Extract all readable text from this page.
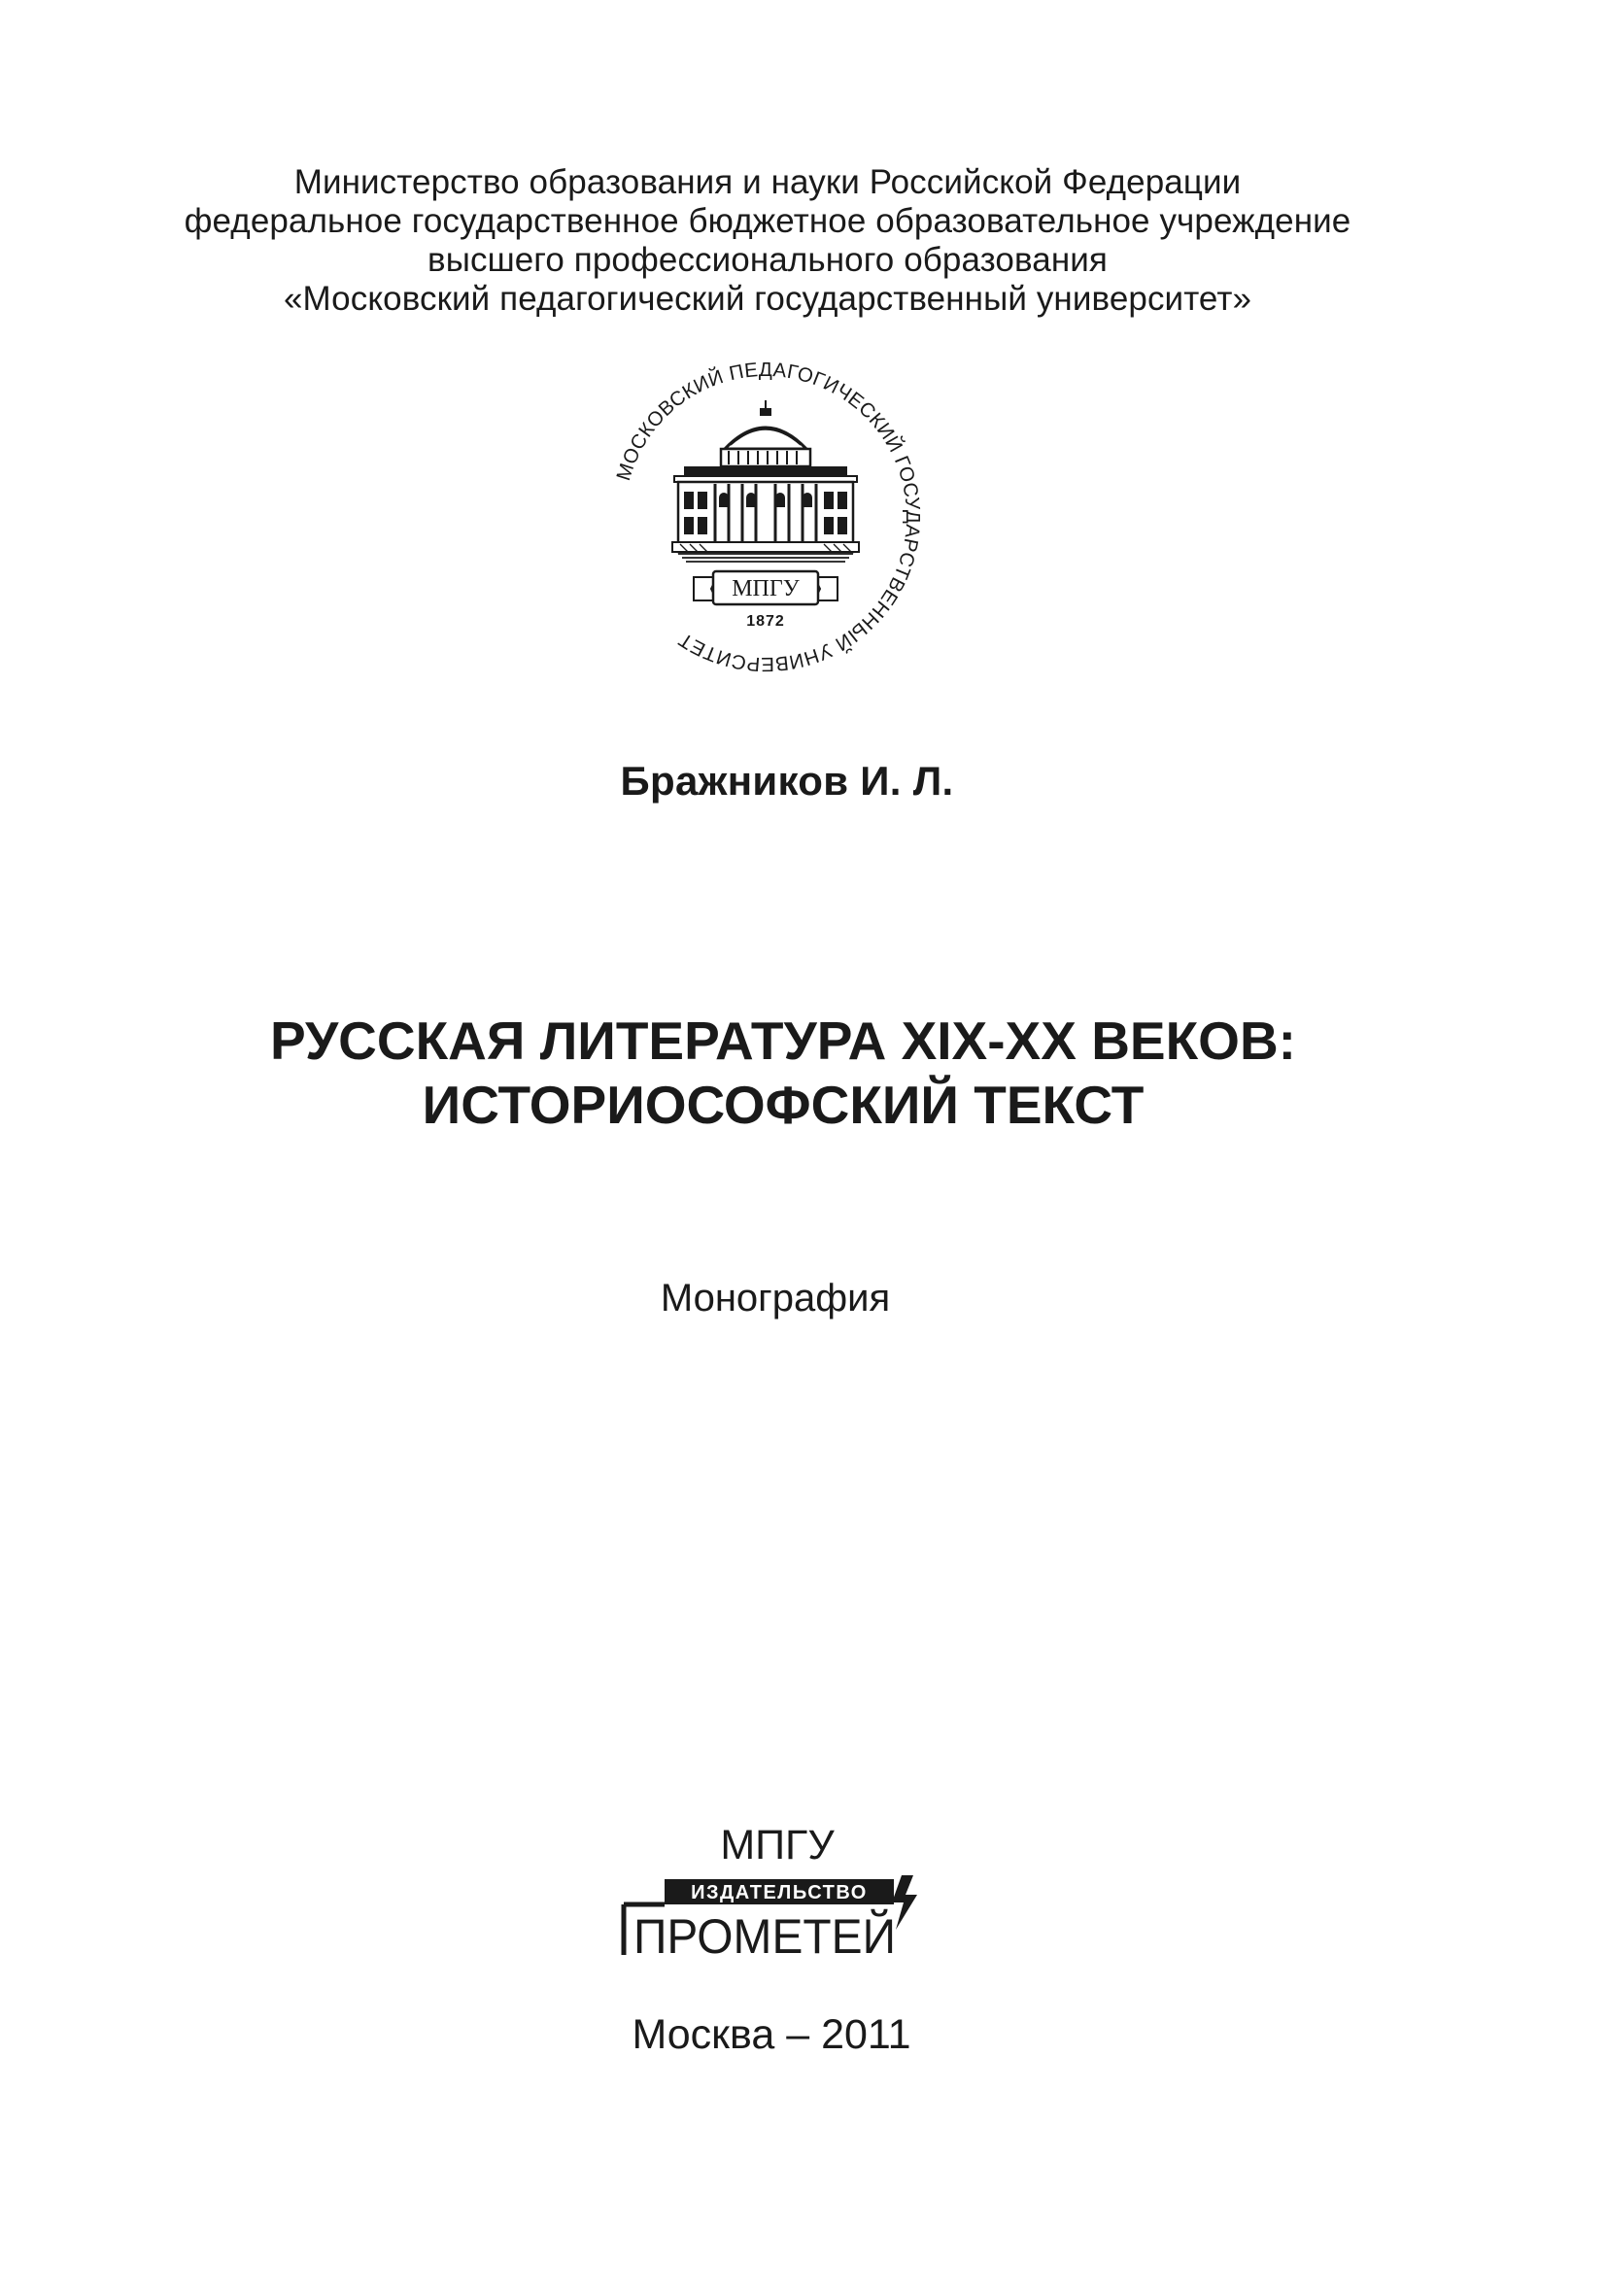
Министерство образования и науки Российской Федерации
федеральное государственное бюджетное образовательное учреждение
высшего профессионального образования
«Московский педагогический государственный университет»
МОСКОВСКИЙ ПЕДАГОГИЧЕСКИЙ ГОСУДАРСТВЕННЫЙ УНИВЕРСИТЕТ
МПГУ
1872
Бражников И. Л.
РУССКАЯ ЛИТЕРАТУРА XIX-XX ВЕКОВ:
ИСТОРИОСОФСКИЙ ТЕКСТ
Монография
МПГУ
ИЗДАТЕЛЬСТВО
ПРОМЕТЕЙ
Москва – 2011
